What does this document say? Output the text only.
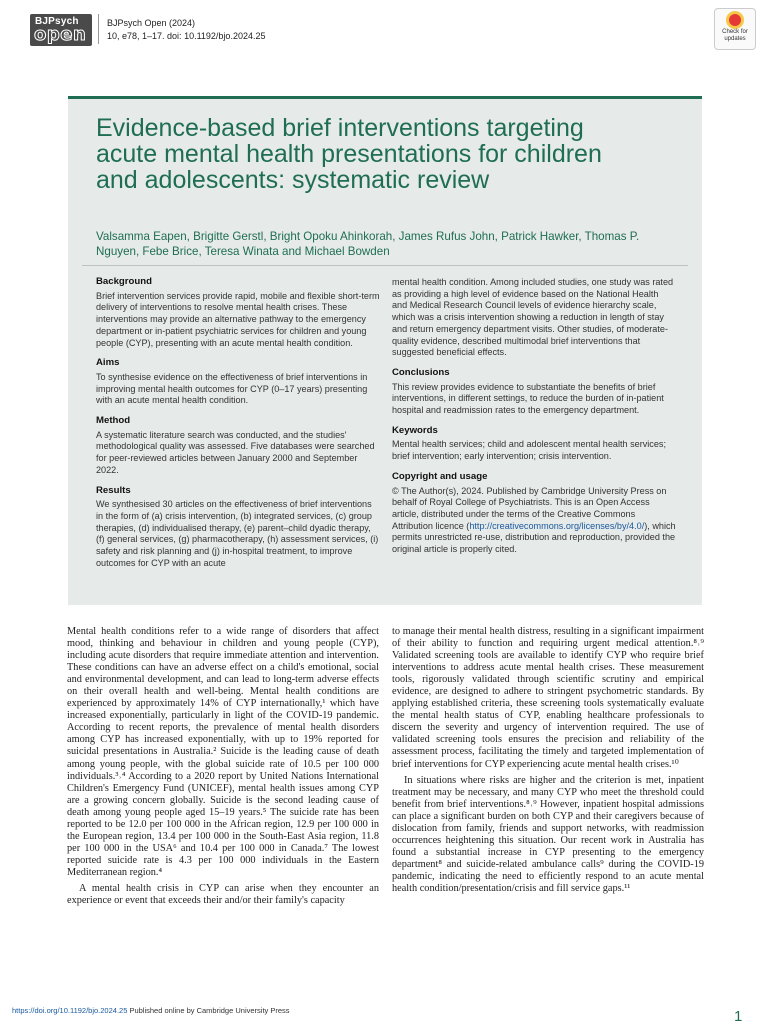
BJPsych
open
BJPsych Open (2024)
10, e78, 1–17. doi: 10.1192/bjo.2024.25	Check for updates
Evidence-based brief interventions targeting acute mental health presentations for children and adolescents: systematic review
Valsamma Eapen, Brigitte Gerstl, Bright Opoku Ahinkorah, James Rufus John, Patrick Hawker, Thomas P. Nguyen, Febe Brice, Teresa Winata and Michael Bowden
Background

Brief intervention services provide rapid, mobile and flexible short-term delivery of interventions to resolve mental health crises. These interventions may provide an alternative pathway to the emergency department or in-patient psychiatric services for children and young people (CYP), presenting with an acute mental health condition.

Aims

To synthesise evidence on the effectiveness of brief interventions in improving mental health outcomes for CYP (0–17 years) presenting with an acute mental health condition.

Method

A systematic literature search was conducted, and the studies' methodological quality was assessed. Five databases were searched for peer-reviewed articles between January 2000 and September 2022.

Results

We synthesised 30 articles on the effectiveness of brief interventions in the form of (a) crisis intervention, (b) integrated services, (c) group therapies, (d) individualised therapy, (e) parent–child dyadic therapy, (f) general services, (g) pharmacotherapy, (h) assessment services, (i) safety and risk planning and (j) in-hospital treatment, to improve outcomes for CYP with an acute

mental health condition. Among included studies, one study was rated as providing a high level of evidence based on the National Health and Medical Research Council levels of evidence hierarchy scale, which was a crisis intervention showing a reduction in length of stay and return emergency department visits. Other studies, of moderate-quality evidence, described multimodal brief interventions that suggested beneficial effects.

Conclusions

This review provides evidence to substantiate the benefits of brief interventions, in different settings, to reduce the burden of in-patient hospital and readmission rates to the emergency department.

Keywords

Mental health services; child and adolescent mental health services; brief intervention; early intervention; crisis intervention.

Copyright and usage

© The Author(s), 2024. Published by Cambridge University Press on behalf of Royal College of Psychiatrists. This is an Open Access article, distributed under the terms of the Creative Commons Attribution licence (http://creativecommons.org/licenses/by/4.0/), which permits unrestricted re-use, distribution and reproduction, provided the original article is properly cited.

Mental health conditions refer to a wide range of disorders that affect mood, thinking and behaviour in children and young people (CYP), including acute disorders that require immediate attention and intervention. These conditions can have an adverse effect on a child's emotional, social and environmental development, and can lead to long-term adverse effects on their overall health and well-being. Mental health conditions are experienced by approximately 14% of CYP internationally,¹ which have increased exponentially, particularly in light of the COVID-19 pandemic. According to recent reports, the prevalence of mental health disorders among CYP has increased exponentially, with up to 19% reported for suicidal presentations in Australia.² Suicide is the leading cause of death among young people, with the global suicide rate of 10.5 per 100 000 individuals.³˒⁴ According to a 2020 report by United Nations International Children's Emergency Fund (UNICEF), mental health issues among CYP are a growing concern globally. Suicide is the second leading cause of death among young people aged 15–19 years.⁵ The suicide rate has been reported to be 12.0 per 100 000 in the African region, 12.9 per 100 000 in the European region, 13.4 per 100 000 in the South-East Asia region, 11.8 per 100 000 in the USA⁶ and 10.4 per 100 000 in Canada.⁷ The lowest reported suicide rate is 4.3 per 100 000 individuals in the Eastern Mediterranean region.⁴

A mental health crisis in CYP can arise when they encounter an experience or event that exceeds their and/or their family's capacity

to manage their mental health distress, resulting in a significant impairment of their ability to function and requiring urgent medical attention.⁸˒⁹ Validated screening tools are available to identify CYP who require brief interventions to address acute mental health crises. These measurement tools, rigorously validated through scientific scrutiny and empirical evidence, are designed to adhere to stringent psychometric standards. By applying established criteria, these screening tools systematically evaluate the mental health status of CYP, enabling healthcare professionals to discern the severity and urgency of intervention required. The use of validated screening tools ensures the precision and reliability of the assessment process, facilitating the timely and targeted implementation of brief interventions for CYP experiencing acute mental health crises.¹⁰

In situations where risks are higher and the criterion is met, inpatient treatment may be necessary, and many CYP who meet the threshold could benefit from brief interventions.⁸˒⁹ However, inpatient hospital admissions can place a significant burden on both CYP and their caregivers because of dislocation from family, friends and support networks, with readmission occurrences heightening this situation. Our recent work in Australia has found a substantial increase in CYP presenting to the emergency department⁸ and suicide-related ambulance calls⁹ during the COVID-19 pandemic, indicating the need to efficiently respond to an acute mental health condition/presentation/crisis and fill service gaps.¹¹

https://doi.org/10.1192/bjo.2024.25 Published online by Cambridge University Press	1
